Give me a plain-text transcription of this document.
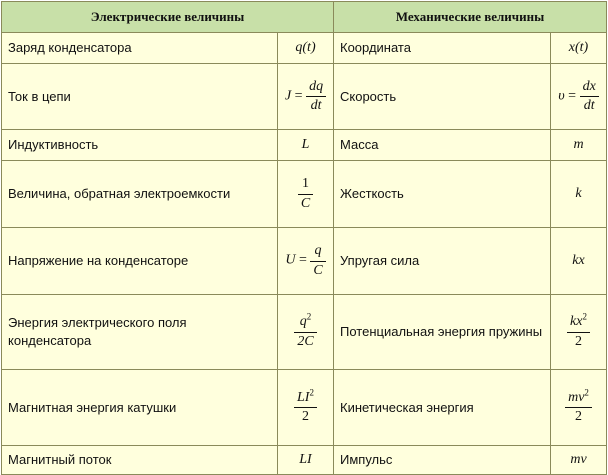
Электрические величины		Механические величины	
Заряд конденсатора	q(t)	Координата	x(t)
Ток в цепи	$J = \frac{dq}{dt}$	Скорость	$\upsilon = \frac{dx}{dt}$

Индуктивность	L	Масса	m
Величина, обратная электроемкости	$\frac{1}{C}$	Жесткость	k
Напряжение на конденсаторе	$U = \frac{q}{C}$	Упругая сила	kx
Энергия электрического поля конденсатора	$\frac{q^2}{2C}$	Потенциальная энергия пружины	$\frac{kx^2}{2}$

Магнитная энергия катушки	$\frac{LI^2}{2}$	Кинетическая энергия	$\frac{mv^2}{2}$

Магнитный поток	LI	Импульс	mv
